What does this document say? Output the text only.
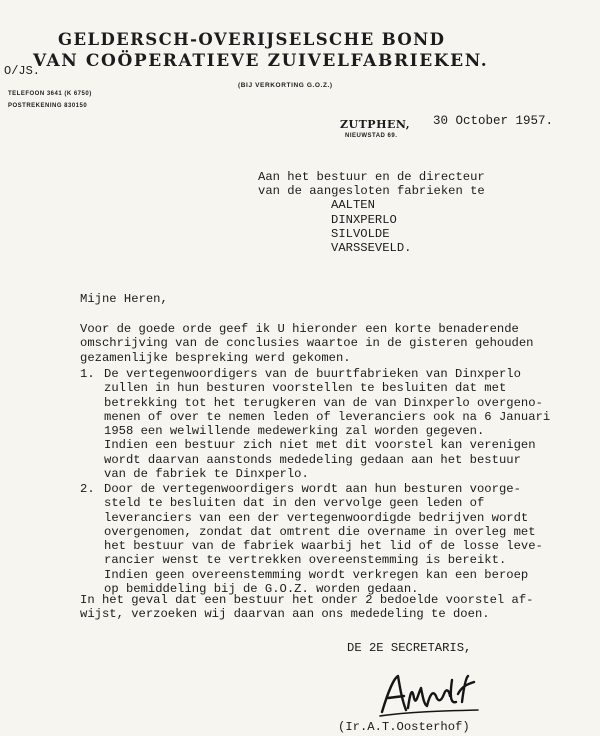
GELDERSCH-OVERIJSELSCHE BOND
VAN COÖPERATIEVE ZUIVELFABRIEKEN.
O/JS.
(BIJ VERKORTING G.O.Z.)
TELEFOON 3641 (K 6750)
POSTREKENING 830150
ZUTPHEN, 30 October 1957.
NIEUWSTAD 69.
Aan het bestuur en de directeur
van de aangesloten fabrieken te
AALTEN
DINXPERLO
SILVOLDE
VARSSEVELD.
Mijne Heren,
Voor de goede orde geef ik U hieronder een korte benaderende
omschrijving van de conclusies waartoe in de gisteren gehouden
gezamenlijke bespreking werd gekomen.
1. De vertegenwoordigers van de buurtfabrieken van Dinxperlo
zullen in hun besturen voorstellen te besluiten dat met
betrekking tot het terugkeren van de van Dinxperlo overgeno-
menen of over te nemen leden of leveranciers ook na 6 Januari
1958 een welwillende medewerking zal worden gegeven.
Indien een bestuur zich niet met dit voorstel kan verenigen
wordt daarvan aanstonds mededeling gedaan aan het bestuur
van de fabriek te Dinxperlo.
2. Door de vertegenwoordigers wordt aan hun besturen voorge-
steld te besluiten dat in den vervolge geen leden of
leveranciers van een der vertegenwoordigde bedrijven wordt
overgenomen, zondat dat omtrent die overname in overleg met
het bestuur van de fabriek waarbij het lid of de losse leve-
rancier wenst te vertrekken overeenstemming is bereikt.
Indien geen overeenstemming wordt verkregen kan een beroep
op bemiddeling bij de G.O.Z. worden gedaan.
In het geval dat een bestuur het onder 2 bedoelde voorstel af-
wijst, verzoeken wij daarvan aan ons mededeling te doen.
DE 2E SECRETARIS,
(Ir.A.T.Oosterhof)
